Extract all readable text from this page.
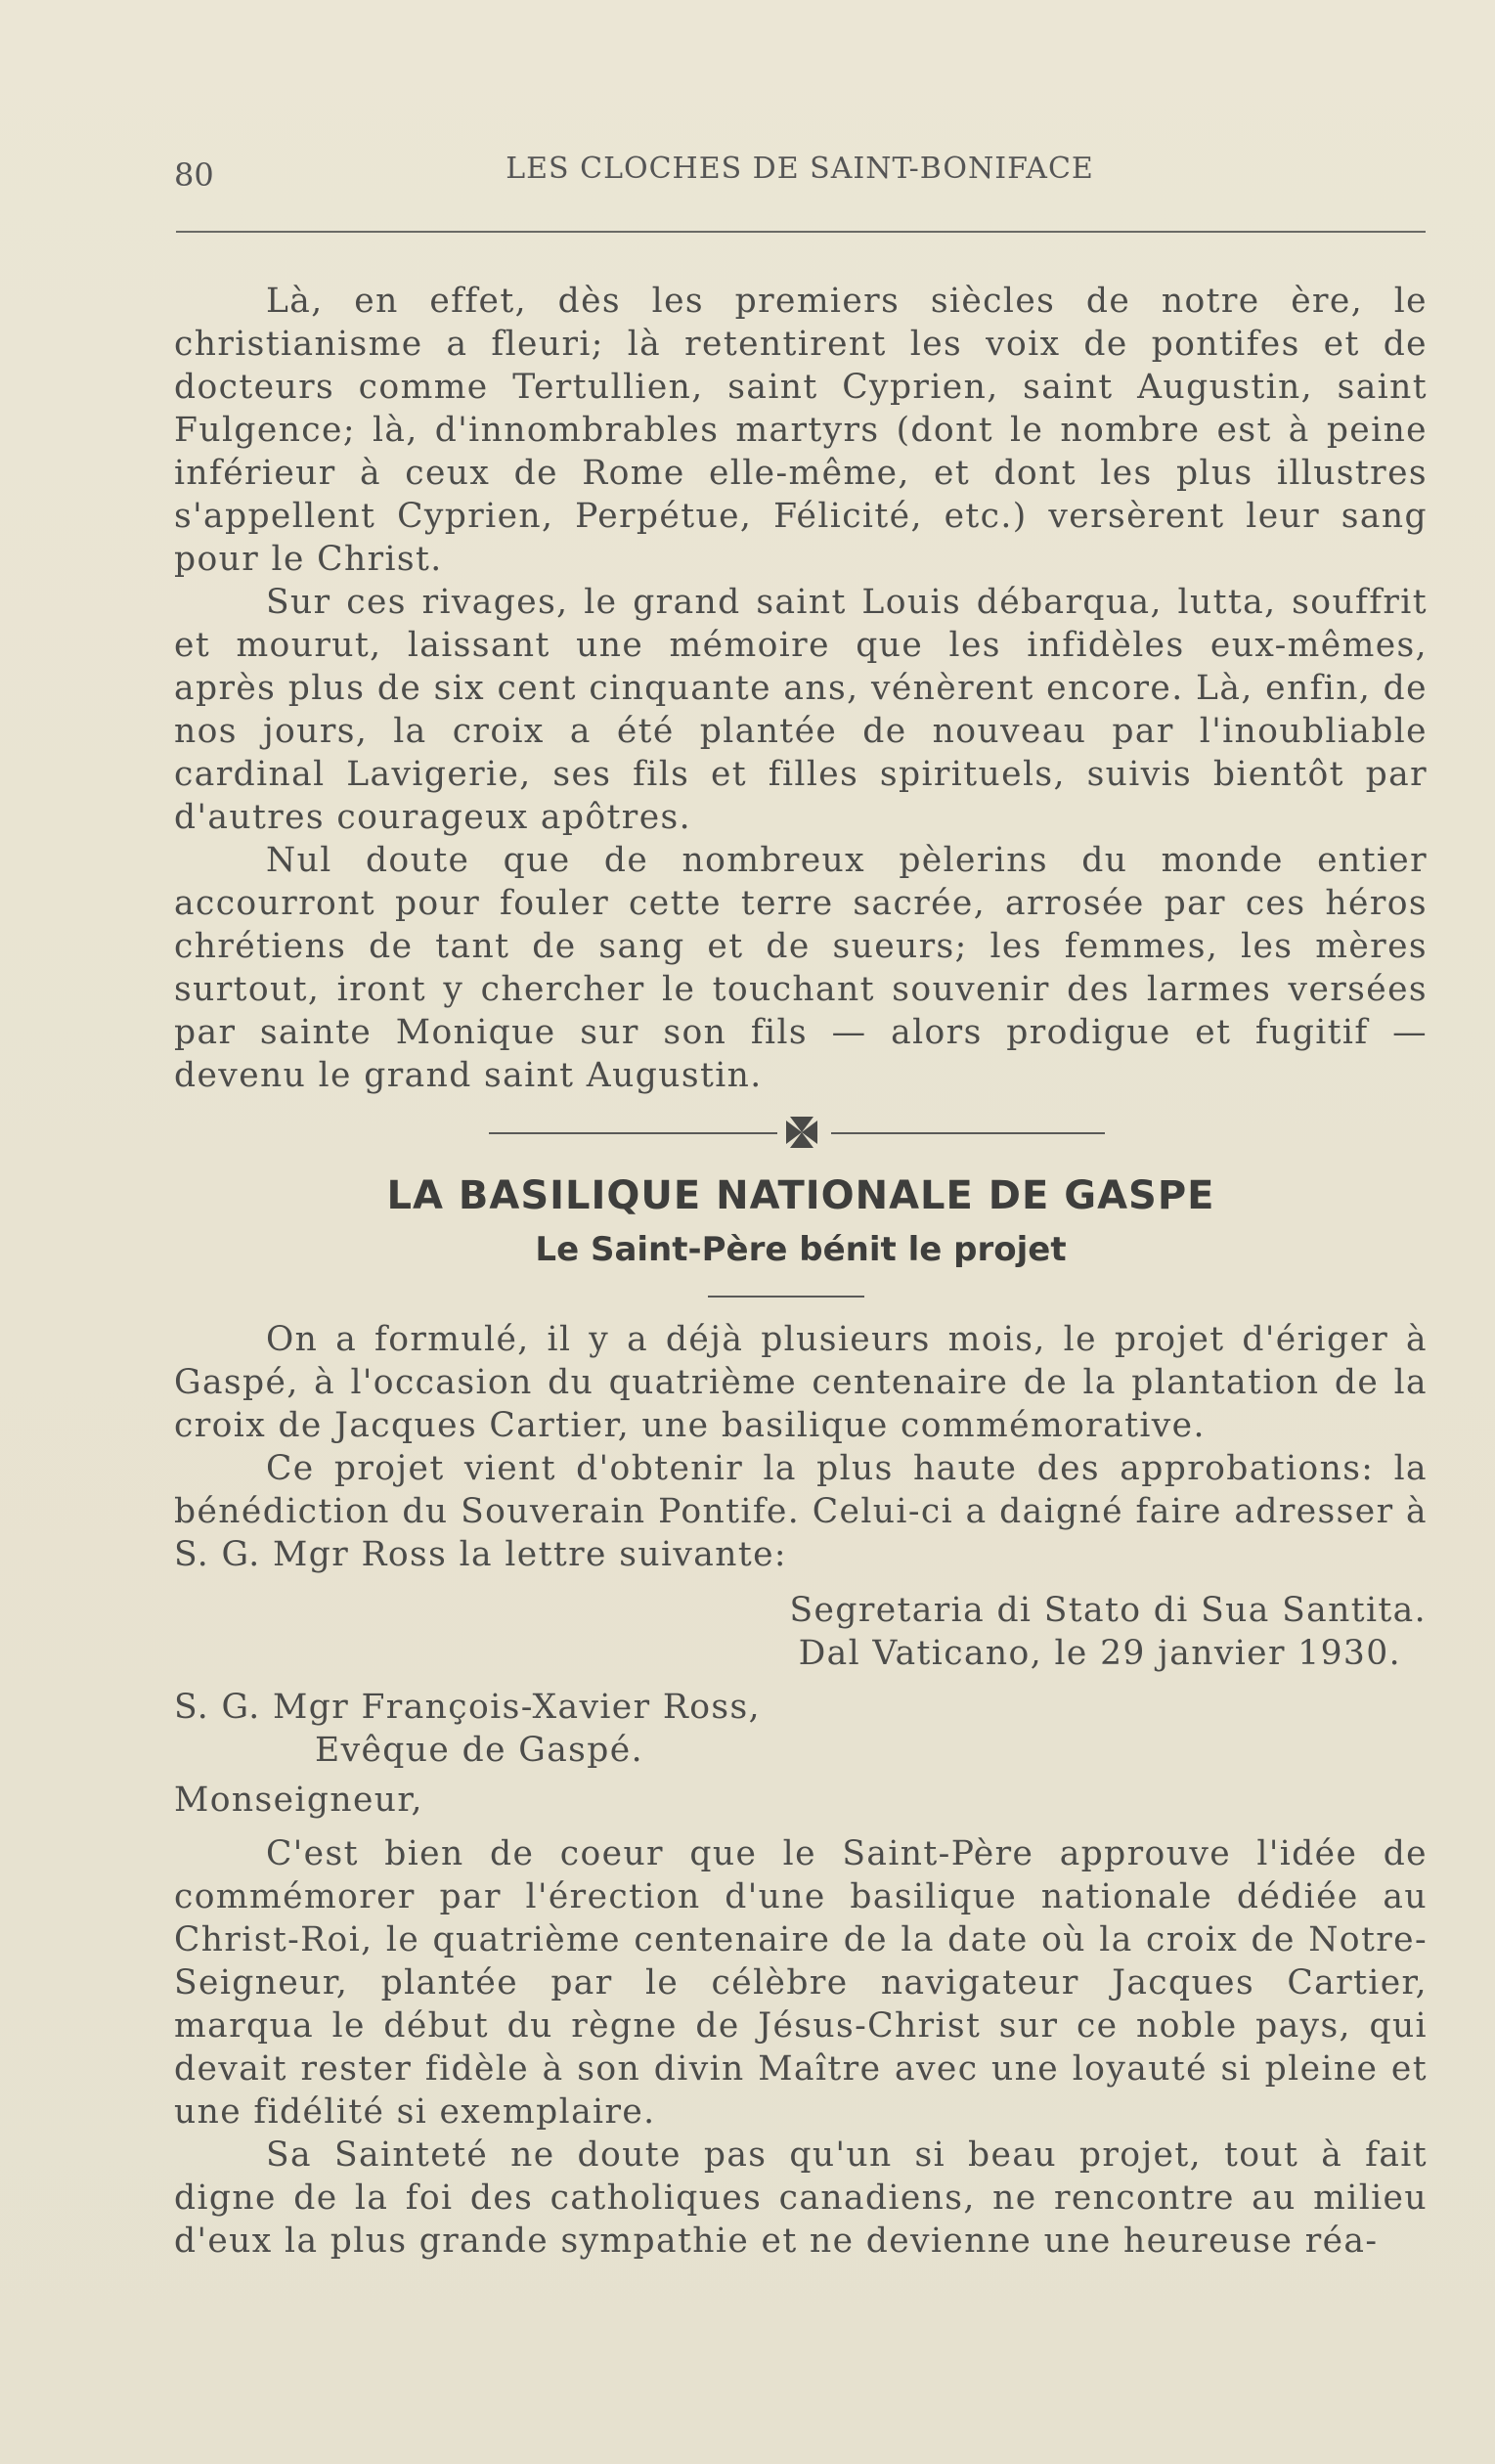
80	LES CLOCHES DE SAINT-BONIFACE

Là, en effet, dès les premiers siècles de notre ère, le christianisme a fleuri; là retentirent les voix de pontifes et de docteurs comme Tertullien, saint Cyprien, saint Augustin, saint Fulgence; là, d'innombrables martyrs (dont le nombre est à peine inférieur à ceux de Rome elle-même, et dont les plus illustres s'appellent Cyprien, Perpétue, Félicité, etc.) versèrent leur sang pour le Christ.

Sur ces rivages, le grand saint Louis débarqua, lutta, souffrit et mourut, laissant une mémoire que les infidèles eux-mêmes, après plus de six cent cinquante ans, vénèrent encore. Là, enfin, de nos jours, la croix a été plantée de nouveau par l'inoubliable cardinal Lavigerie, ses fils et filles spirituels, suivis bientôt par d'autres courageux apôtres.

Nul doute que de nombreux pèlerins du monde entier accourront pour fouler cette terre sacrée, arrosée par ces héros chrétiens de tant de sang et de sueurs; les femmes, les mères surtout, iront y chercher le touchant souvenir des larmes versées par sainte Monique sur son fils — alors prodigue et fugitif — devenu le grand saint Augustin.

LA BASILIQUE NATIONALE DE GASPE
Le Saint-Père bénit le projet

On a formulé, il y a déjà plusieurs mois, le projet d'ériger à Gaspé, à l'occasion du quatrième centenaire de la plantation de la croix de Jacques Cartier, une basilique commémorative.

Ce projet vient d'obtenir la plus haute des approbations: la bénédiction du Souverain Pontife. Celui-ci a daigné faire adresser à S. G. Mgr Ross la lettre suivante:

Segretaria di Stato di Sua Santita.
Dal Vaticano, le 29 janvier 1930.
S. G. Mgr François-Xavier Ross,
Evêque de Gaspé.
Monseigneur,

C'est bien de coeur que le Saint-Père approuve l'idée de commémorer par l'érection d'une basilique nationale dédiée au Christ-Roi, le quatrième centenaire de la date où la croix de Notre-Seigneur, plantée par le célèbre navigateur Jacques Cartier, marqua le début du règne de Jésus-Christ sur ce noble pays, qui devait rester fidèle à son divin Maître avec une loyauté si pleine et une fidélité si exemplaire.

Sa Sainteté ne doute pas qu'un si beau projet, tout à fait digne de la foi des catholiques canadiens, ne rencontre au milieu d'eux la plus grande sympathie et ne devienne une heureuse réa-
